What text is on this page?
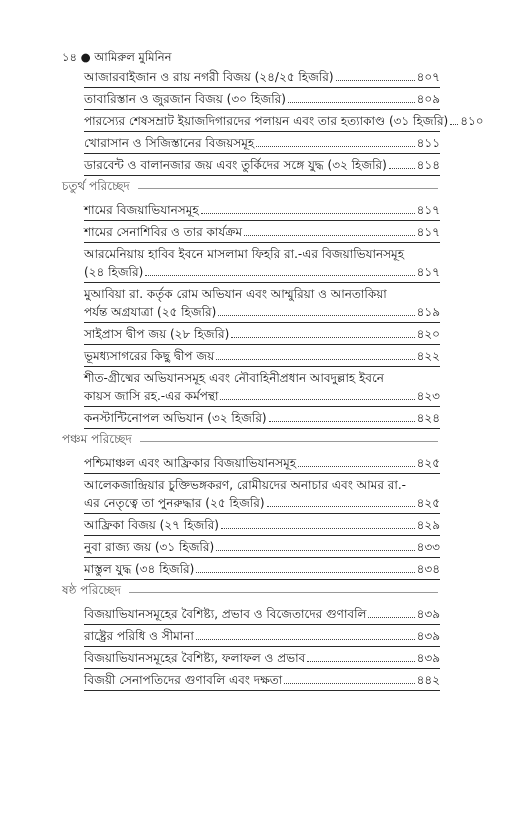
১৪ ● আমিরুল মুমিনিন
আজারবাইজান ও রায় নগরী বিজয় (২৪/২৫ হিজরি)	৪০৭
তাবারিস্তান ও জুরজান বিজয় (৩০ হিজরি)	৪০৯
পারস্যের শেষসম্রাট ইয়াজদিগারদের পলায়ন এবং তার হত্যাকাণ্ড (৩১ হিজরি) ৪১০
খোরাসান ও সিজিস্তানের বিজয়সমূহ	৪১১
ডারবেন্ট ও বালানজার জয় এবং তুর্কিদের সঙ্গে যুদ্ধ (৩২ হিজরি) ৪১৪
চতুর্থ পরিচ্ছেদ
শামের বিজয়াভিযানসমূহ	৪১৭
শামের সেনাশিবির ও তার কার্যক্রম	৪১৭
আরমেনিয়ায় হাবিব ইবনে মাসলামা ফিহরি রা.-এর বিজয়াভিযানসমূহ
(২৪ হিজরি)	৪১৭
মুআবিয়া রা. কর্তৃক রোম অভিযান এবং আম্মুরিয়া ও আনতাকিয়া
পর্যন্ত অগ্রযাত্রা (২৫ হিজরি)	৪১৯
সাইপ্রাস দ্বীপ জয় (২৮ হিজরি)	৪২০
ভূমধ্যসাগরের কিছু দ্বীপ জয়	৪২২
শীত-গ্রীষ্মের অভিযানসমূহ এবং নৌবাহিনীপ্রধান আবদুল্লাহ ইবনে
কায়স জাসি রহ.-এর কর্মপন্থা	৪২৩
কনস্টান্টিনোপল অভিযান (৩২ হিজরি)	৪২৪
পঞ্চম পরিচ্ছেদ
পশ্চিমাঞ্চল এবং আফ্রিকার বিজয়াভিযানসমূহ	৪২৫
আলেকজান্দ্রিয়ার চুক্তিভঙ্গকরণ, রোমীয়দের অনাচার এবং আমর রা.-
এর নেতৃত্বে তা পুনরুদ্ধার (২৫ হিজরি)	৪২৫
আফ্রিকা বিজয় (২৭ হিজরি)	৪২৯
নুবা রাজ্য জয় (৩১ হিজরি)	৪৩৩
মাস্তুল যুদ্ধ (৩৪ হিজরি)	৪৩৪
ষষ্ঠ পরিচ্ছেদ
বিজয়াভিযানসমূহের বৈশিষ্ট্য, প্রভাব ও বিজেতাদের গুণাবলি	৪৩৯
রাষ্ট্রের পরিধি ও সীমানা	৪৩৯
বিজয়াভিযানসমূহের বৈশিষ্ট্য, ফলাফল ও প্রভাব	৪৩৯
বিজয়ী সেনাপতিদের গুণাবলি এবং দক্ষতা	৪৪২
